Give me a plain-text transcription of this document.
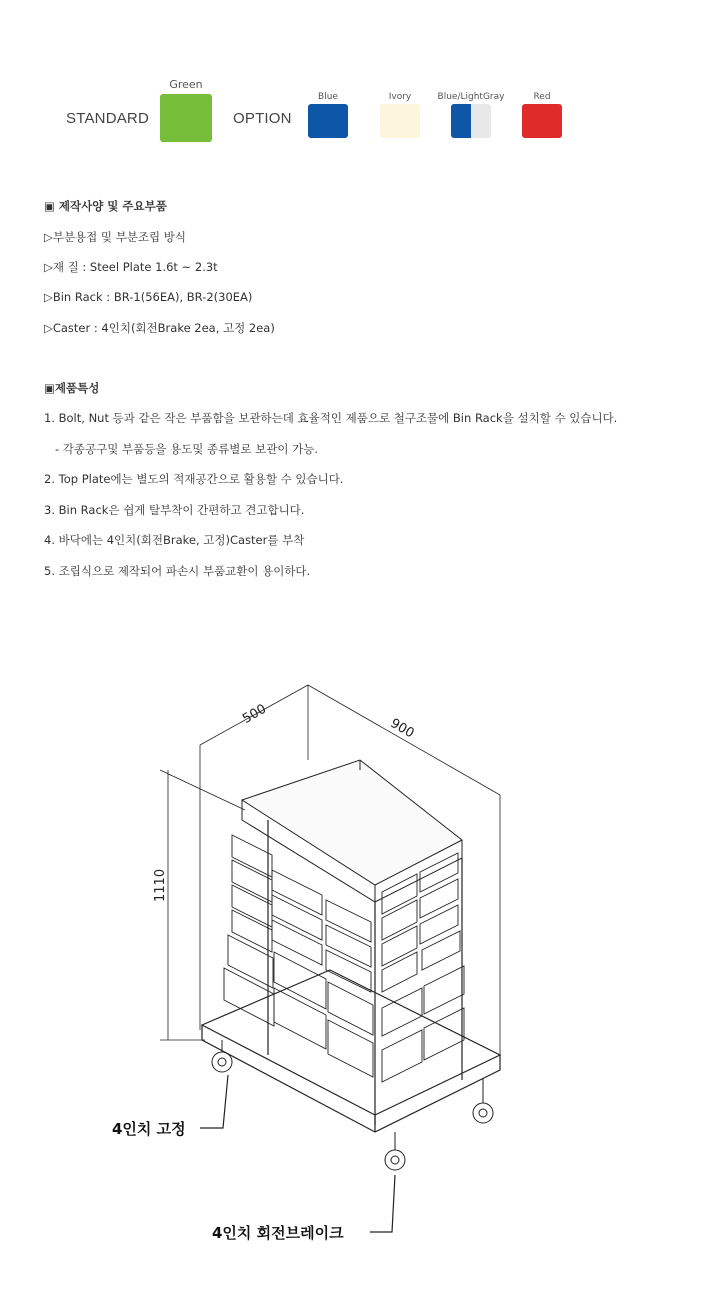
STANDARD
Green
OPTION
Blue	Ivory	Blue/LightGray	Red
▣ 제작사양 및 주요부품
▷부분용접 및 부분조립 방식
▷재 질 : Steel Plate 1.6t ~ 2.3t
▷Bin Rack : BR-1(56EA), BR-2(30EA)
▷Caster : 4인치(회전Brake 2ea, 고정 2ea)
▣제품특성
1. Bolt, Nut 등과 같은 작은 부품함을 보관하는데 효율적인 제품으로 철구조물에 Bin Rack을 설치할 수 있습니다.
- 각종공구및 부품등을 용도및 종류별로 보관이 가능.
2. Top Plate에는 별도의 적재공간으로 활용할 수 있습니다.
3. Bin Rack은 쉽게 탈부착이 간편하고 견고합니다.
4. 바닥에는 4인치(회전Brake, 고정)Caster를 부착
5. 조립식으로 제작되어 파손시 부품교환이 용이하다.
500
900
1110
4인치 고정
4인치 회전브레이크
